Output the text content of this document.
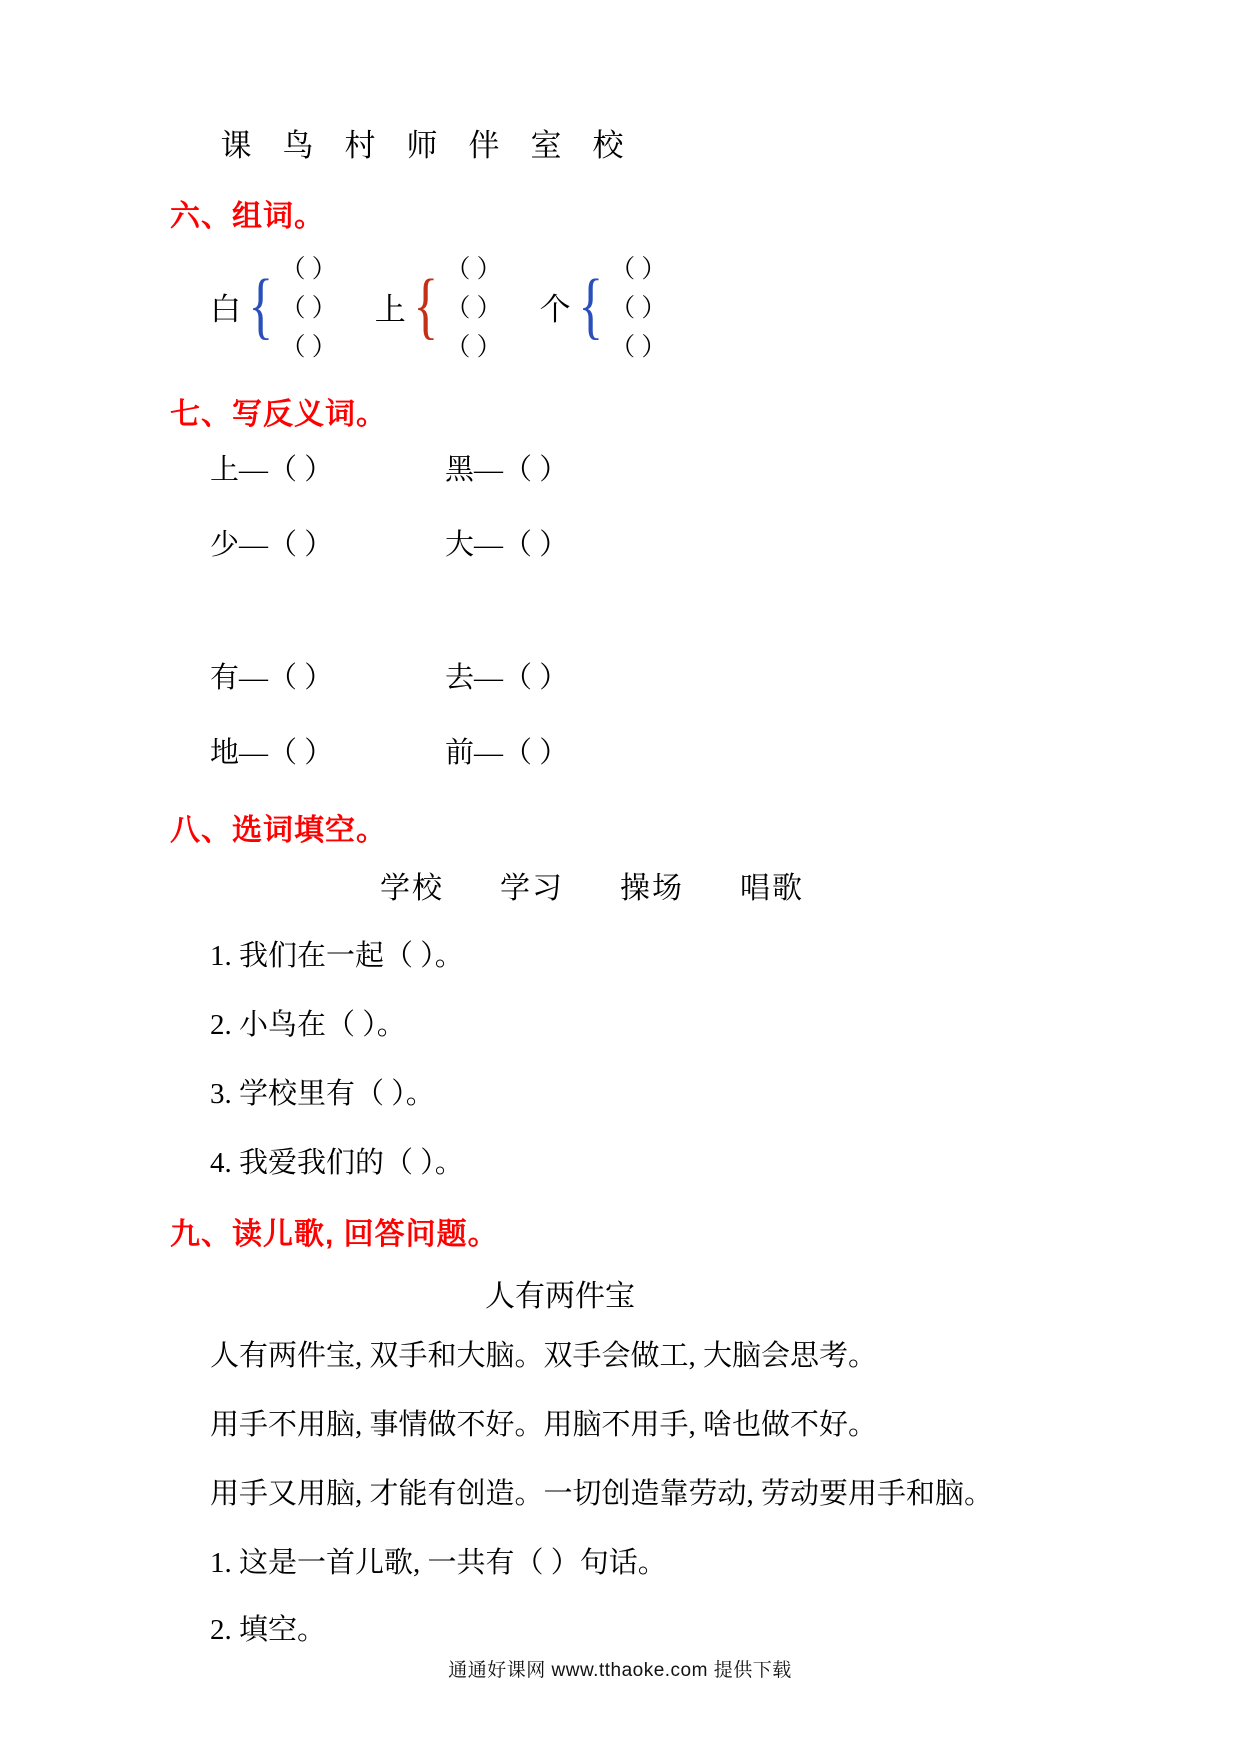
课 鸟 村 师 伴 室 校
六、组词。
白 { （ ）
（ ）
（ ）
上 { （ ）
（ ）
（ ）
个 { （ ）
（ ）
（ ）
七、写反义词。
上—（ ）	黑—（ ）
少—（ ）	大—（ ）
有—（ ）	去—（ ）
地—（ ）	前—（ ）
八、选词填空。
学校 学习 操场 唱歌
1. 我们在一起（ ）。
2. 小鸟在（ ）。
3. 学校里有（ ）。
4. 我爱我们的（ ）。
九、读儿歌, 回答问题。
人有两件宝
人有两件宝, 双手和大脑。双手会做工, 大脑会思考。
用手不用脑, 事情做不好。用脑不用手, 啥也做不好。
用手又用脑, 才能有创造。一切创造靠劳动, 劳动要用手和脑。
1. 这是一首儿歌, 一共有（ ）句话。
2. 填空。
通通好课网 www.tthaoke.com 提供下载
